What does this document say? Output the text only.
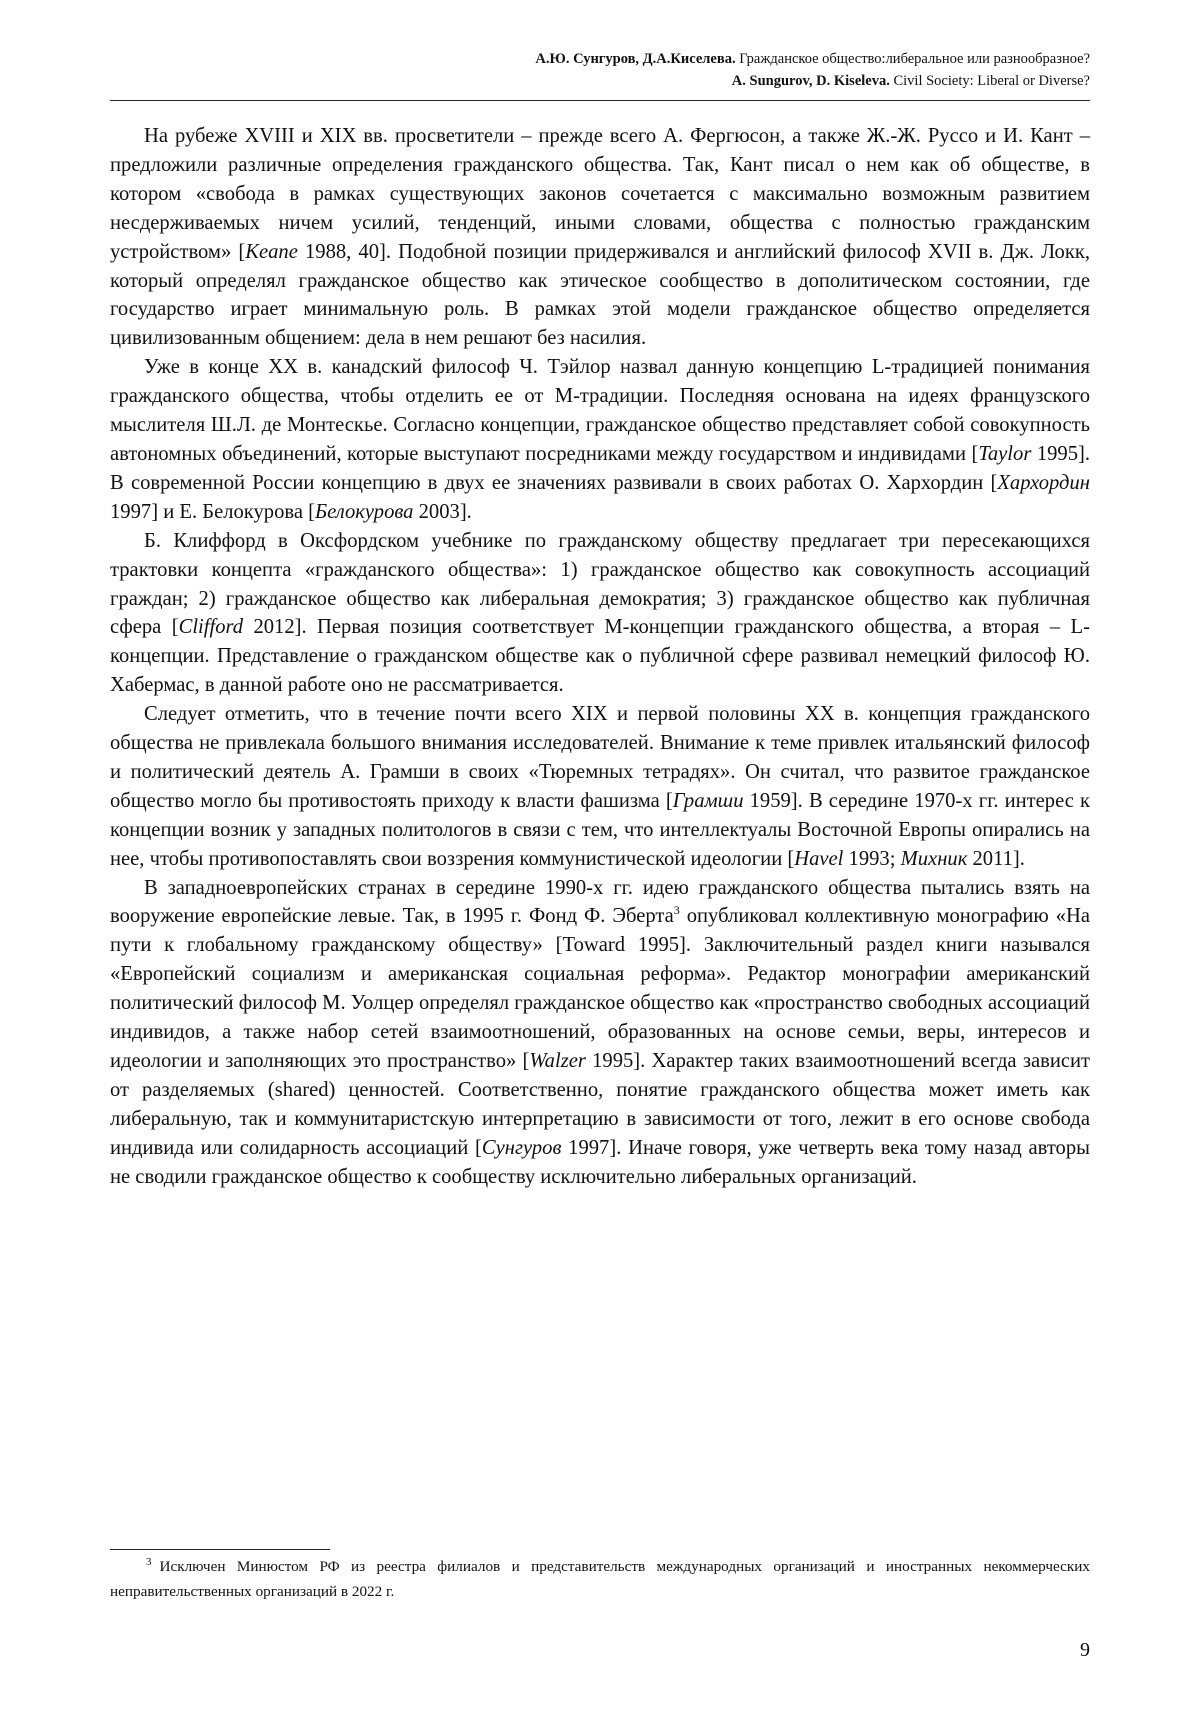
А.Ю. Сунгуров, Д.А.Киселева. Гражданское общество:либеральное или разнообразное?
A. Sungurov, D. Kiseleva. Civil Society: Liberal or Diverse?

На рубеже XVIII и XIX вв. просветители – прежде всего А. Фергюсон, а также Ж.-Ж. Руссо и И. Кант – предложили различные определения гражданского общества. Так, Кант писал о нем как об обществе, в котором «свобода в рамках существующих законов сочетается с максимально возможным развитием несдерживаемых ничем усилий, тенденций, иными словами, общества с полностью гражданским устройством» [Keane 1988, 40]. Подобной позиции придерживался и английский философ XVII в. Дж. Локк, который определял гражданское общество как этическое сообщество в дополитическом состоянии, где государство играет минимальную роль. В рамках этой модели гражданское общество определяется цивилизованным общением: дела в нем решают без насилия.

Уже в конце XX в. канадский философ Ч. Тэйлор назвал данную концепцию L-традицией понимания гражданского общества, чтобы отделить ее от M-традиции. Последняя основана на идеях французского мыслителя Ш.Л. де Монтескье. Согласно концепции, гражданское общество представляет собой совокупность автономных объединений, которые выступают посредниками между государством и индивидами [Taylor 1995]. В современной России концепцию в двух ее значениях развивали в своих работах О. Хархордин [Хархордин 1997] и Е. Белокурова [Белокурова 2003].

Б. Клиффорд в Оксфордском учебнике по гражданскому обществу предлагает три пересекающихся трактовки концепта «гражданского общества»: 1) гражданское общество как совокупность ассоциаций граждан; 2) гражданское общество как либеральная демократия; 3) гражданское общество как публичная сфера [Clifford 2012]. Первая позиция соответствует M-концепции гражданского общества, а вторая – L-концепции. Представление о гражданском обществе как о публичной сфере развивал немецкий философ Ю. Хабермас, в данной работе оно не рассматривается.

Следует отметить, что в течение почти всего XIX и первой половины XX в. концепция гражданского общества не привлекала большого внимания исследователей. Внимание к теме привлек итальянский философ и политический деятель А. Грамши в своих «Тюремных тетрадях». Он считал, что развитое гражданское общество могло бы противостоять приходу к власти фашизма [Грамши 1959]. В середине 1970-х гг. интерес к концепции возник у западных политологов в связи с тем, что интеллектуалы Восточной Европы опирались на нее, чтобы противопоставлять свои воззрения коммунистической идеологии [Havel 1993; Михник 2011].

В западноевропейских странах в середине 1990-х гг. идею гражданского общества пытались взять на вооружение европейские левые. Так, в 1995 г. Фонд Ф. Эберта$^3$ опубликовал коллективную монографию «На пути к глобальному гражданскому обществу» [Toward 1995]. Заключительный раздел книги назывался «Европейский социализм и американская социальная реформа». Редактор монографии американский политический философ М. Уолцер определял гражданское общество как «пространство свободных ассоциаций индивидов, а также набор сетей взаимоотношений, образованных на основе семьи, веры, интересов и идеологии и заполняющих это пространство» [Walzer 1995]. Характер таких взаимоотношений всегда зависит от разделяемых (shared) ценностей. Соответственно, понятие гражданского общества может иметь как либеральную, так и коммунитаристскую интерпретацию в зависимости от того, лежит в его основе свобода индивида или солидарность ассоциаций [Сунгуров 1997]. Иначе говоря, уже четверть века тому назад авторы не сводили гражданское общество к сообществу исключительно либеральных организаций.

$^3$ Исключен Минюстом РФ из реестра филиалов и представительств международных организаций и иностранных некоммерческих неправительственных организаций в 2022 г.

9
